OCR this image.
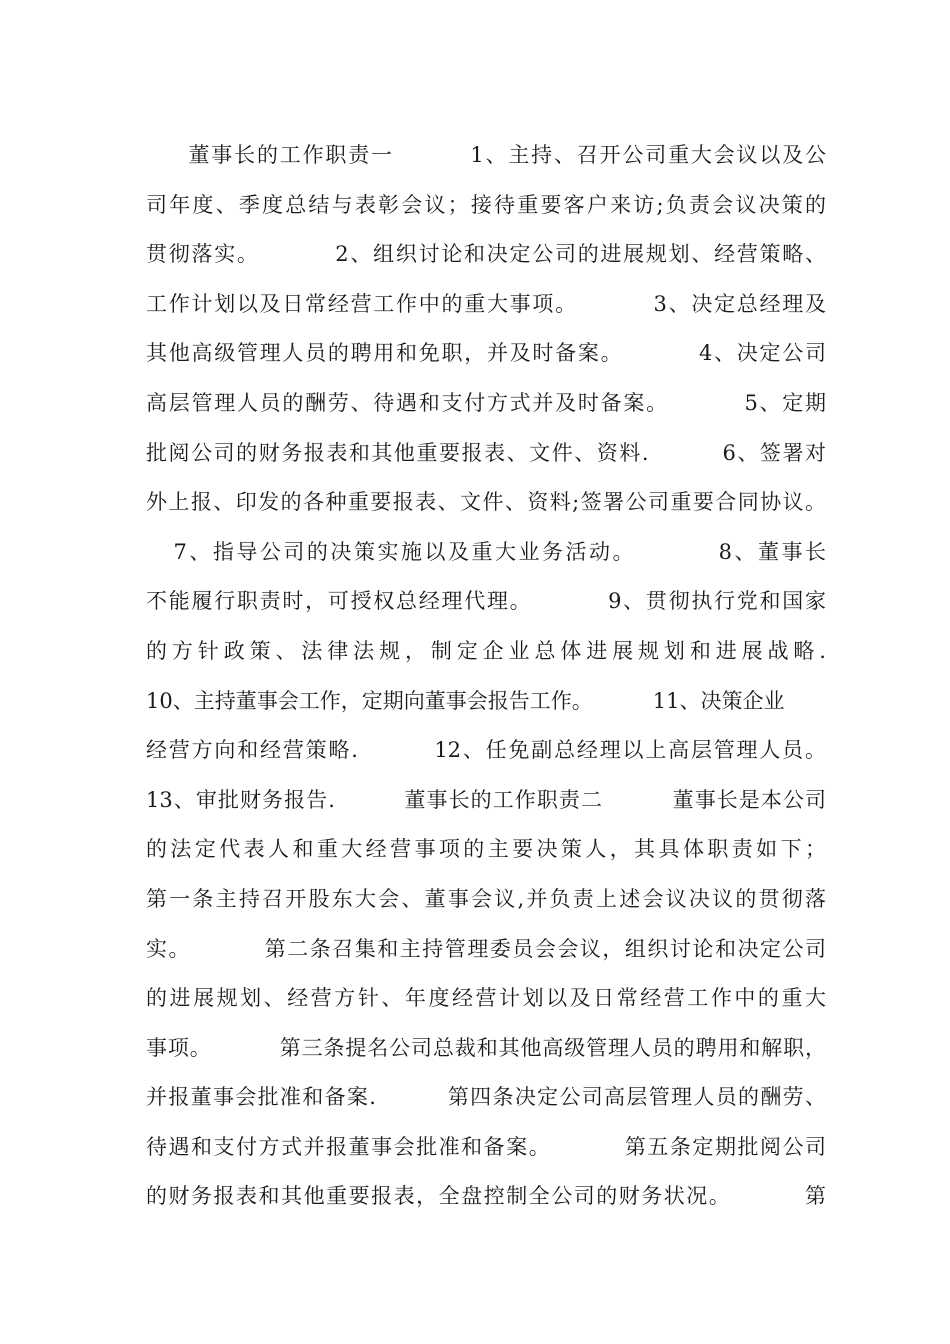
董事长的工作职责一         1、主持、召开公司重大会议以及公
司年度、季度总结与表彰会议；接待重要客户来访;负责会议决策的
贯彻落实。         2、组织讨论和决定公司的进展规划、经营策略、
工作计划以及日常经营工作中的重大事项。         3、决定总经理及
其他高级管理人员的聘用和免职，并及时备案。         4、决定公司
高层管理人员的酬劳、待遇和支付方式并及时备案。         5、定期
批阅公司的财务报表和其他重要报表、文件、资料.         6、签署对
外上报、印发的各种重要报表、文件、资料;签署公司重要合同协议。
7、指导公司的决策实施以及重大业务活动。         8、董事长
不能履行职责时，可授权总经理代理。         9、贯彻执行党和国家
的方针政策、法律法规，制定企业总体进展规划和进展战略.
10、主持董事会工作，定期向董事会报告工作。         11、决策企业
经营方向和经营策略.         12、任免副总经理以上高层管理人员。
13、审批财务报告.         董事长的工作职责二         董事长是本公司
的法定代表人和重大经营事项的主要决策人，其具体职责如下；
第一条主持召开股东大会、董事会议,并负责上述会议决议的贯彻落
实。         第二条召集和主持管理委员会会议，组织讨论和决定公司
的进展规划、经营方针、年度经营计划以及日常经营工作中的重大
事项。         第三条提名公司总裁和其他高级管理人员的聘用和解职，
并报董事会批准和备案.         第四条决定公司高层管理人员的酬劳、
待遇和支付方式并报董事会批准和备案。         第五条定期批阅公司
的财务报表和其他重要报表，全盘控制全公司的财务状况。         第
